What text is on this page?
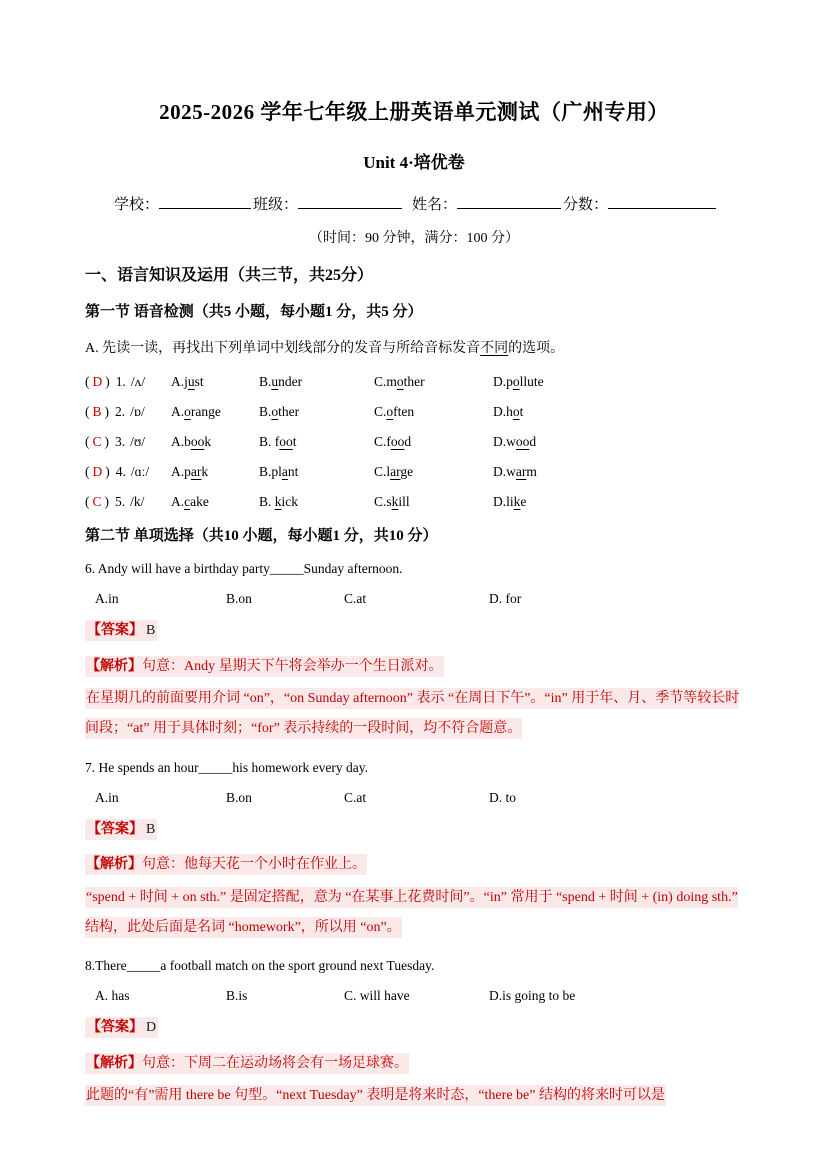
2025-2026 学年七年级上册英语单元测试（广州专用）
Unit 4·培优卷
学校：	班级：	姓名：	分数：
（时间：90 分钟，满分：100 分）
一、语言知识及运用（共三节，共25分）
第一节 语音检测（共5 小题，每小题1 分，共5 分）

A. 先读一读，再找出下列单词中划线部分的发音与所给音标发音不同的选项。

( D ) 1. /ʌ/	A.just	B.under	C.mother	D.pollute
( B ) 2. /ɒ/	A.orange	B.other	C.often	D.hot
( C ) 3. /ʊ/	A.book	B. foot	C.food	D.wood
( D ) 4. /ɑː/	A.park	B.plant	C.large	D.warm
( C ) 5. /k/	A.cake	B. kick	C.skill	D.like
第二节 单项选择（共10 小题，每小题1 分，共10 分）

6. Andy will have a birthday party_____Sunday afternoon.

A.in	B.on	C.at	D. for

【答案】 B

【解析】句意：Andy 星期天下午将会举办一个生日派对。

在星期几的前面要用介词 “on”，“on Sunday afternoon” 表示 “在周日下午”。“in” 用于年、月、季节等较长时间段；“at” 用于具体时刻；“for” 表示持续的一段时间，均不符合题意。

7. He spends an hour_____his homework every day.

A.in	B.on	C.at	D. to

【答案】 B

【解析】句意：他每天花一个小时在作业上。

“spend + 时间 + on sth.” 是固定搭配，意为 “在某事上花费时间”。“in” 常用于 “spend + 时间 + (in) doing sth.” 结构，此处后面是名词 “homework”，所以用 “on”。

8.There_____a football match on the sport ground next Tuesday.

A. has	B.is	C. will have	D.is going to be

【答案】 D

【解析】句意：下周二在运动场将会有一场足球赛。

此题的“有”需用 there be 句型。“next Tuesday” 表明是将来时态，“there be” 结构的将来时可以是
